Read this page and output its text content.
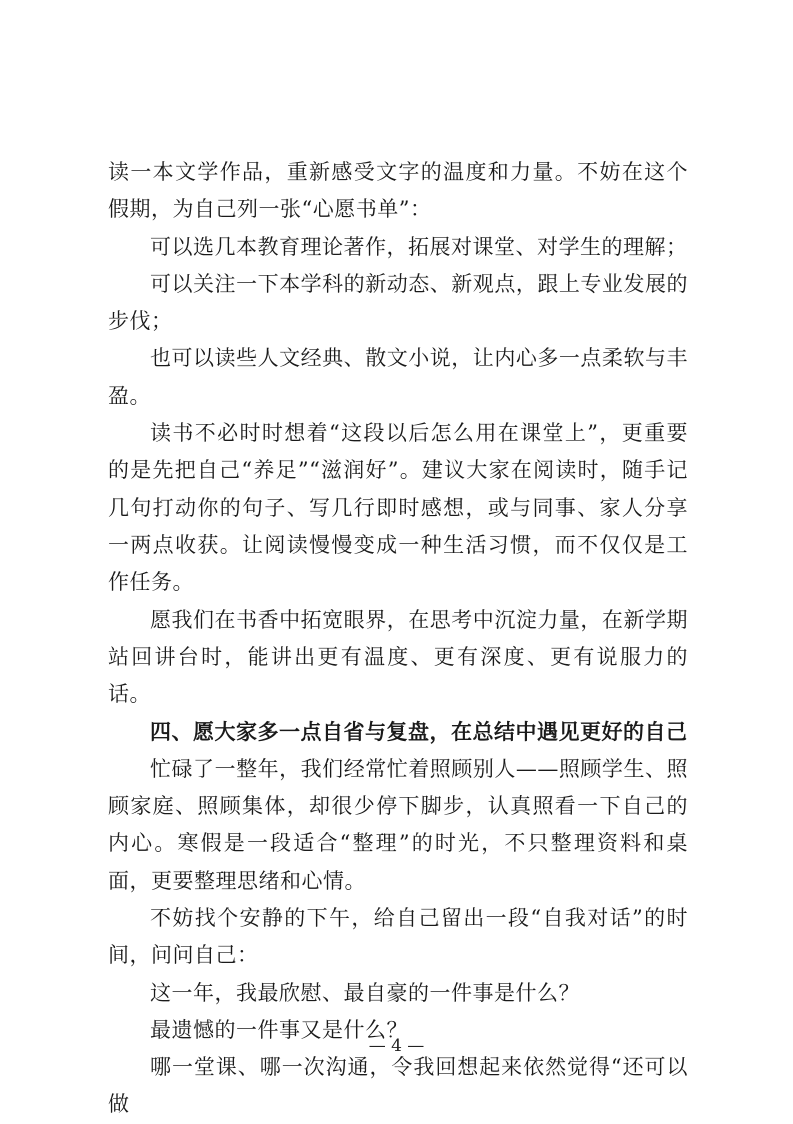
读一本文学作品，重新感受文字的温度和力量。不妨在这个假期，为自己列一张“心愿书单”：

可以选几本教育理论著作，拓展对课堂、对学生的理解；

可以关注一下本学科的新动态、新观点，跟上专业发展的步伐；

也可以读些人文经典、散文小说，让内心多一点柔软与丰盈。

读书不必时时想着“这段以后怎么用在课堂上”，更重要的是先把自己“养足”“滋润好”。建议大家在阅读时，随手记几句打动你的句子、写几行即时感想，或与同事、家人分享一两点收获。让阅读慢慢变成一种生活习惯，而不仅仅是工作任务。

愿我们在书香中拓宽眼界，在思考中沉淀力量，在新学期站回讲台时，能讲出更有温度、更有深度、更有说服力的话。

四、愿大家多一点自省与复盘，在总结中遇见更好的自己

忙碌了一整年，我们经常忙着照顾别人——照顾学生、照顾家庭、照顾集体，却很少停下脚步，认真照看一下自己的内心。寒假是一段适合“整理”的时光，不只整理资料和桌面，更要整理思绪和心情。

不妨找个安静的下午，给自己留出一段“自我对话”的时间，问问自己：

这一年，我最欣慰、最自豪的一件事是什么？

最遗憾的一件事又是什么？

哪一堂课、哪一次沟通，令我回想起来依然觉得“还可以做

— 4 —
